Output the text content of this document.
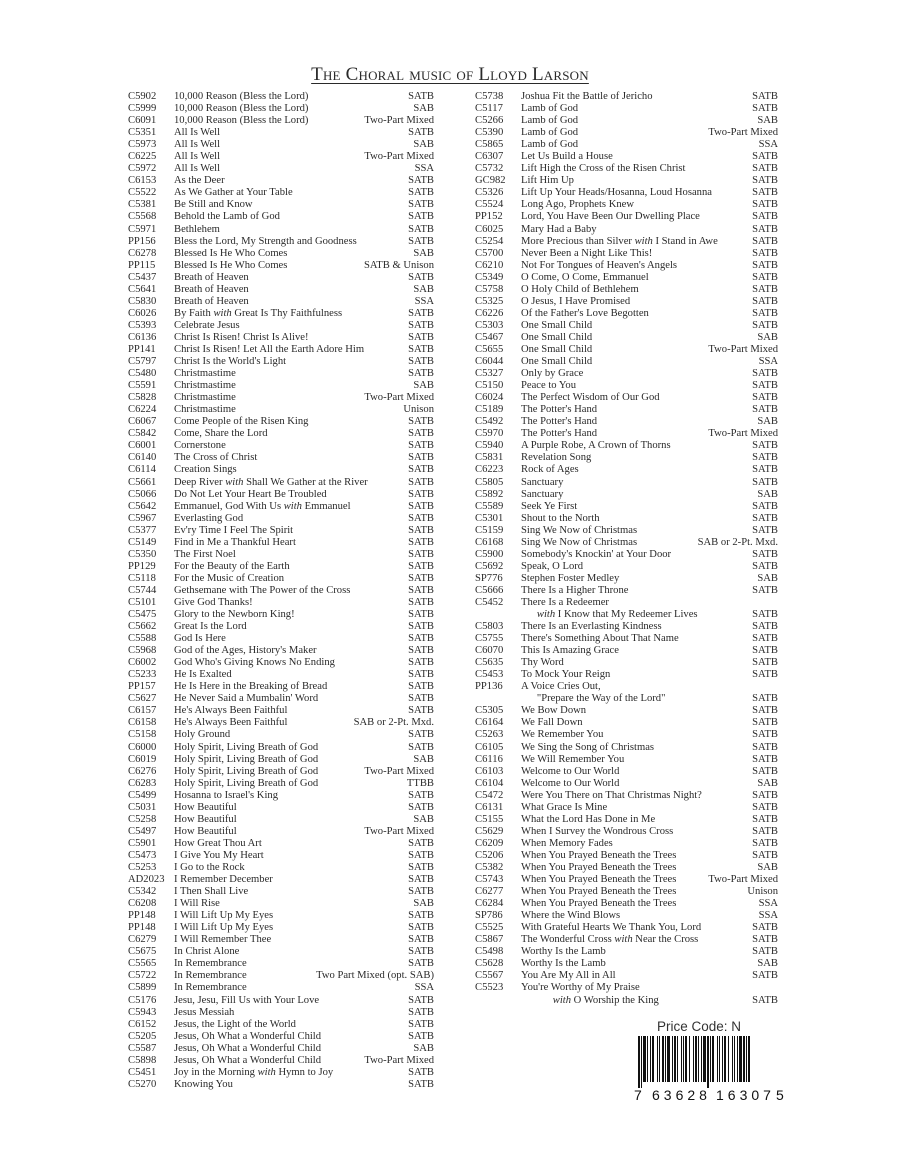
The Choral music of Lloyd Larson
C5902 10,000 Reason (Bless the Lord)	SATB
C5999 10,000 Reason (Bless the Lord)	SAB
C6091 10,000 Reason (Bless the Lord)	Two-Part Mixed
C5351 All Is Well	SATB
C5973 All Is Well	SAB
C6225 All Is Well	Two-Part Mixed
C5972 All Is Well	SSA
C6153 As the Deer	SATB
C5522 As We Gather at Your Table	SATB
C5381 Be Still and Know	SATB
C5568 Behold the Lamb of God	SATB
C5971 Bethlehem	SATB
PP156 Bless the Lord, My Strength and Goodness	SATB
C6278 Blessed Is He Who Comes	SAB
PP115 Blessed Is He Who Comes	SATB & Unison
C5437 Breath of Heaven	SATB
C5641 Breath of Heaven	SAB
C5830 Breath of Heaven	SSA
C6026 By Faith with Great Is Thy Faithfulness	SATB
C5393 Celebrate Jesus	SATB
C6136 Christ Is Risen! Christ Is Alive!	SATB
PP141 Christ Is Risen! Let All the Earth Adore Him	SATB
C5797 Christ Is the World's Light	SATB
C5480 Christmastime	SATB
C5591 Christmastime	SAB
C5828 Christmastime	Two-Part Mixed
C6224 Christmastime	Unison
C6067 Come People of the Risen King	SATB
C5842 Come, Share the Lord	SATB
C6001 Cornerstone	SATB
C6140 The Cross of Christ	SATB
C6114 Creation Sings	SATB
C5661 Deep River with Shall We Gather at the River	SATB
C5066 Do Not Let Your Heart Be Troubled	SATB
C5642 Emmanuel, God With Us with Emmanuel	SATB
C5967 Everlasting God	SATB
C5377 Ev'ry Time I Feel The Spirit	SATB
C5149 Find in Me a Thankful Heart	SATB
C5350 The First Noel	SATB
PP129 For the Beauty of the Earth	SATB
C5118 For the Music of Creation	SATB
C5744 Gethsemane with The Power of the Cross	SATB
C5101 Give God Thanks!	SATB
C5475 Glory to the Newborn King!	SATB
C5662 Great Is the Lord	SATB
C5588 God Is Here	SATB
C5968 God of the Ages, History's Maker	SATB
C6002 God Who's Giving Knows No Ending	SATB
C5233 He Is Exalted	SATB
PP157 He Is Here in the Breaking of Bread	SATB
C5627 He Never Said a Mumbalin' Word	SATB
C6157 He's Always Been Faithful	SATB
C6158 He's Always Been Faithful	SAB or 2-Pt. Mxd.
C5158 Holy Ground	SATB
C6000 Holy Spirit, Living Breath of God	SATB
C6019 Holy Spirit, Living Breath of God	SAB
C6276 Holy Spirit, Living Breath of God	Two-Part Mixed
C6283 Holy Spirit, Living Breath of God	TTBB
C5499 Hosanna to Israel's King	SATB
C5031 How Beautiful	SATB
C5258 How Beautiful	SAB
C5497 How Beautiful	Two-Part Mixed
C5901 How Great Thou Art	SATB
C5473 I Give You My Heart	SATB
C5253 I Go to the Rock	SATB
AD2023 I Remember December	SATB
C5342 I Then Shall Live	SATB
C6208 I Will Rise	SAB
PP148 I Will Lift Up My Eyes	SATB
PP148 I Will Lift Up My Eyes	SATB
C6279 I Will Remember Thee	SATB
C5675 In Christ Alone	SATB
C5565 In Remembrance	SATB
C5722 In Remembrance	Two Part Mixed (opt. SAB)
C5899 In Remembrance	SSA
C5176 Jesu, Jesu, Fill Us with Your Love	SATB
C5943 Jesus Messiah	SATB
C6152 Jesus, the Light of the World	SATB
C5205 Jesus, Oh What a Wonderful Child	SATB
C5587 Jesus, Oh What a Wonderful Child	SAB
C5898 Jesus, Oh What a Wonderful Child	Two-Part Mixed
C5451 Joy in the Morning with Hymn to Joy	SATB
C5270 Knowing You	SATB
C5738 Joshua Fit the Battle of Jericho	SATB
C5117 Lamb of God	SATB
C5266 Lamb of God	SAB
C5390 Lamb of God	Two-Part Mixed
C5865 Lamb of God	SSA
C6307 Let Us Build a House	SATB
C5732 Lift High the Cross of the Risen Christ	SATB
GC982 Lift Him Up	SATB
C5326 Lift Up Your Heads/Hosanna, Loud Hosanna	SATB
C5524 Long Ago, Prophets Knew	SATB
PP152 Lord, You Have Been Our Dwelling Place	SATB
C6025 Mary Had a Baby	SATB
C5254 More Precious than Silver with I Stand in Awe	SATB
C5700 Never Been a Night Like This!	SATB
C6210 Not For Tongues of Heaven's Angels	SATB
C5349 O Come, O Come, Emmanuel	SATB
C5758 O Holy Child of Bethlehem	SATB
C5325 O Jesus, I Have Promised	SATB
C6226 Of the Father's Love Begotten	SATB
C5303 One Small Child	SATB
C5467 One Small Child	SAB
C5655 One Small Child	Two-Part Mixed
C6044 One Small Child	SSA
C5327 Only by Grace	SATB
C5150 Peace to You	SATB
C6024 The Perfect Wisdom of Our God	SATB
C5189 The Potter's Hand	SATB
C5492 The Potter's Hand	SAB
C5970 The Potter's Hand	Two-Part Mixed
C5940 A Purple Robe, A Crown of Thorns	SATB
C5831 Revelation Song	SATB
C6223 Rock of Ages	SATB
C5805 Sanctuary	SATB
C5892 Sanctuary	SAB
C5589 Seek Ye First	SATB
C5301 Shout to the North	SATB
C5159 Sing We Now of Christmas	SATB
C6168 Sing We Now of Christmas	SAB or 2-Pt. Mxd.
C5900 Somebody's Knockin' at Your Door	SATB
C5692 Speak, O Lord	SATB
SP776 Stephen Foster Medley	SAB
C5666 There Is a Higher Throne	SATB
C5452 There Is a Redeemer
with I Know that My Redeemer Lives	SATB
C5803 There Is an Everlasting Kindness	SATB
C5755 There's Something About That Name	SATB
C6070 This Is Amazing Grace	SATB
C5635 Thy Word	SATB
C5453 To Mock Your Reign	SATB
PP136 A Voice Cries Out,
"Prepare the Way of the Lord"	SATB
C5305 We Bow Down	SATB
C6164 We Fall Down	SATB
C5263 We Remember You	SATB
C6105 We Sing the Song of Christmas	SATB
C6116 We Will Remember You	SATB
C6103 Welcome to Our World	SATB
C6104 Welcome to Our World	SAB
C5472 Were You There on That Christmas Night?	SATB
C6131 What Grace Is Mine	SATB
C5155 What the Lord Has Done in Me	SATB
C5629 When I Survey the Wondrous Cross	SATB
C6209 When Memory Fades	SATB
C5206 When You Prayed Beneath the Trees	SATB
C5382 When You Prayed Beneath the Trees	SAB
C5743 When You Prayed Beneath the Trees	Two-Part Mixed
C6277 When You Prayed Beneath the Trees	Unison
C6284 When You Prayed Beneath the Trees	SSA
SP786 Where the Wind Blows	SSA
C5525 With Grateful Hearts We Thank You, Lord	SATB
C5867 The Wonderful Cross with Near the Cross	SATB
C5498 Worthy Is the Lamb	SATB
C5628 Worthy Is the Lamb	SAB
C5567 You Are My All in All	SATB
C5523 You're Worthy of My Praise
with O Worship the King	SATB
Price Code: N
7 63628 16307 5
